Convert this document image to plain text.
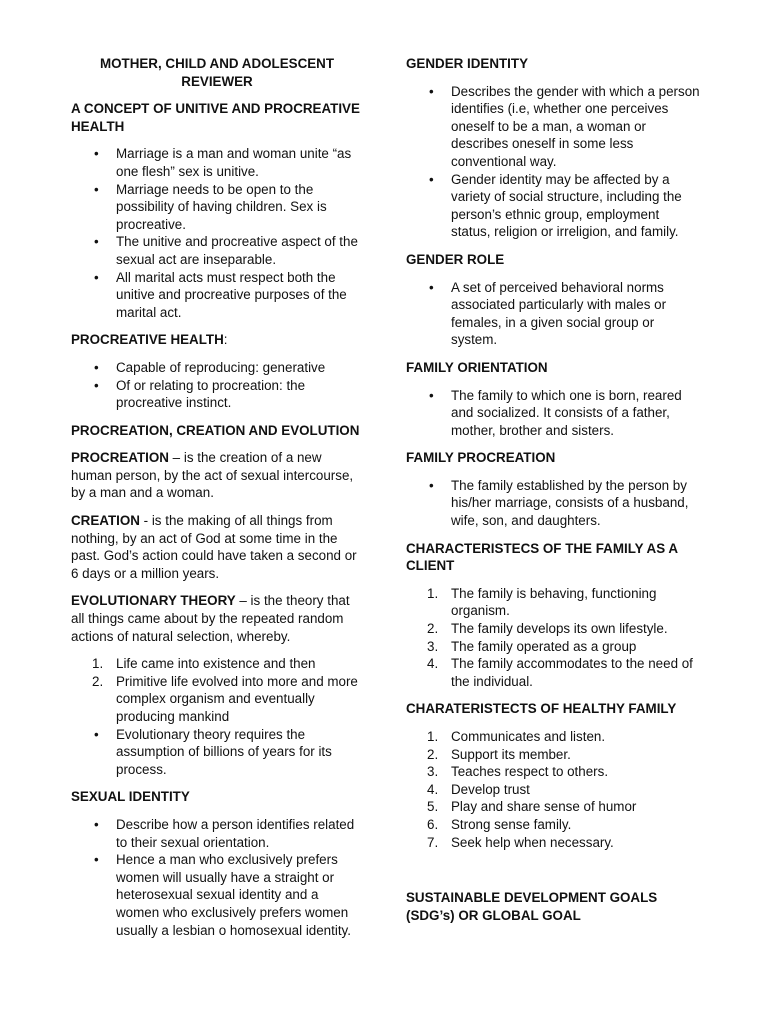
MOTHER, CHILD AND ADOLESCENT REVIEWER
A CONCEPT OF UNITIVE AND PROCREATIVE HEALTH
• Marriage is a man and woman unite “as one flesh” sex is unitive.
• Marriage needs to be open to the possibility of having children. Sex is procreative.
• The unitive and procreative aspect of the sexual act are inseparable.
• All marital acts must respect both the unitive and procreative purposes of the marital act.
PROCREATIVE HEALTH:
• Capable of reproducing: generative
• Of or relating to procreation: the procreative instinct.
PROCREATION, CREATION AND EVOLUTION

PROCREATION – is the creation of a new human person, by the act of sexual intercourse, by a man and a woman.

CREATION - is the making of all things from nothing, by an act of God at some time in the past. God’s action could have taken a second or 6 days or a million years.

EVOLUTIONARY THEORY – is the theory that all things came about by the repeated random actions of natural selection, whereby.

1. Life came into existence and then
2. Primitive life evolved into more and more complex organism and eventually producing mankind
• Evolutionary theory requires the assumption of billions of years for its process.
SEXUAL IDENTITY
• Describe how a person identifies related to their sexual orientation.
• Hence a man who exclusively prefers women will usually have a straight or heterosexual sexual identity and a women who exclusively prefers women usually a lesbian o homosexual identity.
GENDER IDENTITY
• Describes the gender with which a person identifies (i.e, whether one perceives oneself to be a man, a woman or describes oneself in some less conventional way.
• Gender identity may be affected by a variety of social structure, including the person’s ethnic group, employment status, religion or irreligion, and family.
GENDER ROLE
• A set of perceived behavioral norms associated particularly with males or females, in a given social group or system.
FAMILY ORIENTATION
• The family to which one is born, reared and socialized. It consists of a father, mother, brother and sisters.
FAMILY PROCREATION
• The family established by the person by his/her marriage, consists of a husband, wife, son, and daughters.
CHARACTERISTECS OF THE FAMILY AS A CLIENT
1. The family is behaving, functioning organism.
2. The family develops its own lifestyle.
3. The family operated as a group
4. The family accommodates to the need of the individual.
CHARATERISTECTS OF HEALTHY FAMILY
1. Communicates and listen.
2. Support its member.
3. Teaches respect to others.
4. Develop trust
5. Play and share sense of humor
6. Strong sense family.
7. Seek help when necessary.
SUSTAINABLE DEVELOPMENT GOALS (SDG’s) OR GLOBAL GOAL
